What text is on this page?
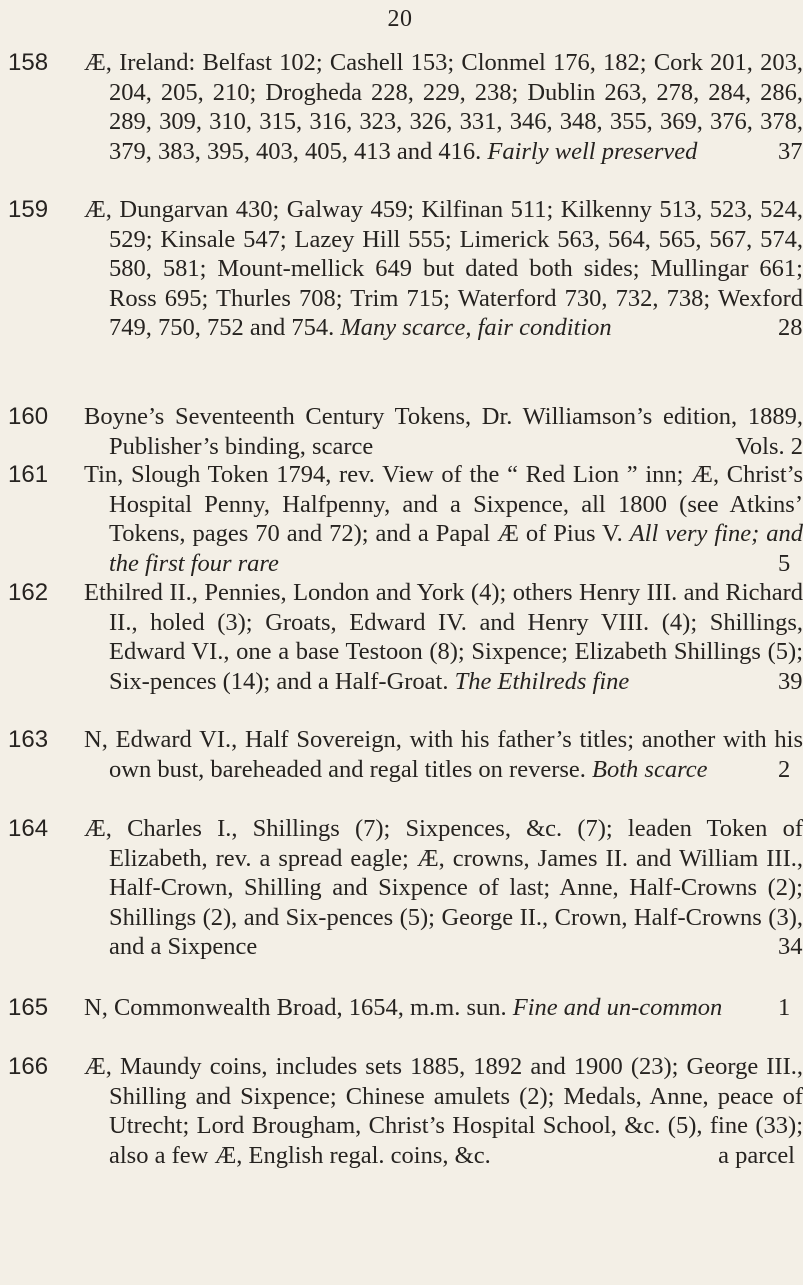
20
158	Æ, Ireland: Belfast 102; Cashell 153; Clonmel 176, 182; Cork 201, 203, 204, 205, 210; Drogheda 228, 229, 238; Dublin 263, 278, 284, 286, 289, 309, 310, 315, 316, 323, 326, 331, 346, 348, 355, 369, 376, 378, 379, 383, 395, 403, 405, 413 and 416. Fairly well preserved	37
159	Æ, Dungarvan 430; Galway 459; Kilfinan 511; Kilkenny 513, 523, 524, 529; Kinsale 547; Lazey Hill 555; Limerick 563, 564, 565, 567, 574, 580, 581; Mount-mellick 649 but dated both sides; Mullingar 661; Ross 695; Thurles 708; Trim 715; Waterford 730, 732, 738; Wexford 749, 750, 752 and 754. Many scarce, fair condition	28
160	Boyne’s Seventeenth Century Tokens, Dr. Williamson’s edition, 1889, Publisher’s binding, scarce	Vols. 2
161	Tin, Slough Token 1794, rev. View of the “ Red Lion ” inn; Æ, Christ’s Hospital Penny, Halfpenny, and a Sixpence, all 1800 (see Atkins’ Tokens, pages 70 and 72); and a Papal Æ of Pius V. All very fine; and the first four rare	5
162	Ethilred II., Pennies, London and York (4); others Henry III. and Richard II., holed (3); Groats, Edward IV. and Henry VIII. (4); Shillings, Edward VI., one a base Testoon (8); Sixpence; Elizabeth Shillings (5); Six-pences (14); and a Half-Groat. The Ethilreds fine	39
163	N, Edward VI., Half Sovereign, with his father’s titles; another with his own bust, bareheaded and regal titles on reverse. Both scarce	2
164	Æ, Charles I., Shillings (7); Sixpences, &c. (7); leaden Token of Elizabeth, rev. a spread eagle; Æ, crowns, James II. and William III., Half-Crown, Shilling and Sixpence of last; Anne, Half-Crowns (2); Shillings (2), and Six-pences (5); George II., Crown, Half-Crowns (3), and a Sixpence	34
165	N, Commonwealth Broad, 1654, m.m. sun. Fine and un-common 1
166	Æ, Maundy coins, includes sets 1885, 1892 and 1900 (23); George III., Shilling and Sixpence; Chinese amulets (2); Medals, Anne, peace of Utrecht; Lord Brougham, Christ’s Hospital School, &c. (5), fine (33); also a few Æ, English regal. coins, &c.	a parcel
